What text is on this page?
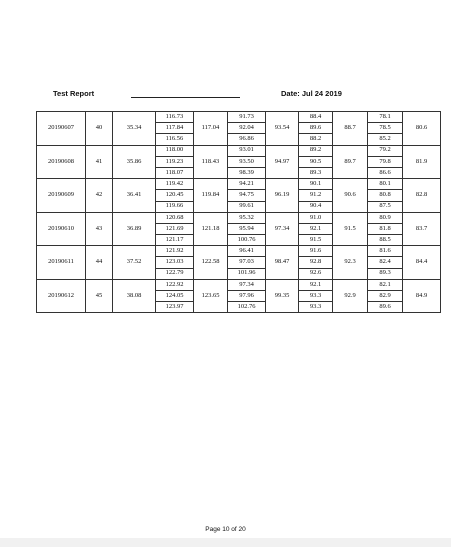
Test Report	Date: Jul 24 2019
20190607	40	35.34	116.73	117.04	91.73	93.54	88.4	88.7	78.1	80.6
			117.84		92.04		89.6		78.5	
			116.56		96.86		88.2		85.2	
20190608	41	35.86	118.00	118.43	93.01	94.97	89.2	89.7	79.2	81.9
			119.23		93.50		90.5		79.8	
			118.07		98.39		89.3		86.6	
20190609	42	36.41	119.42	119.84	94.21	96.19	90.1	90.6	80.1	82.8
			120.45		94.75		91.2		80.8	
			119.66		99.61		90.4		87.5	
20190610	43	36.89	120.68	121.18	95.32	97.34	91.0	91.5	80.9	83.7
			121.69		95.94		92.1		81.8	
			121.17		100.76		91.5		88.5	
20190611	44	37.52	121.92	122.58	96.41	98.47	91.6	92.3	81.6	84.4
			123.03		97.03		92.8		82.4	
			122.79		101.96		92.6		89.3	
20190612	45	38.08	122.92	123.65	97.34	99.35	92.1	92.9	82.1	84.9
			124.05		97.96		93.3		82.9	
			123.97		102.76		93.3		89.6	
Page 10 of 20
